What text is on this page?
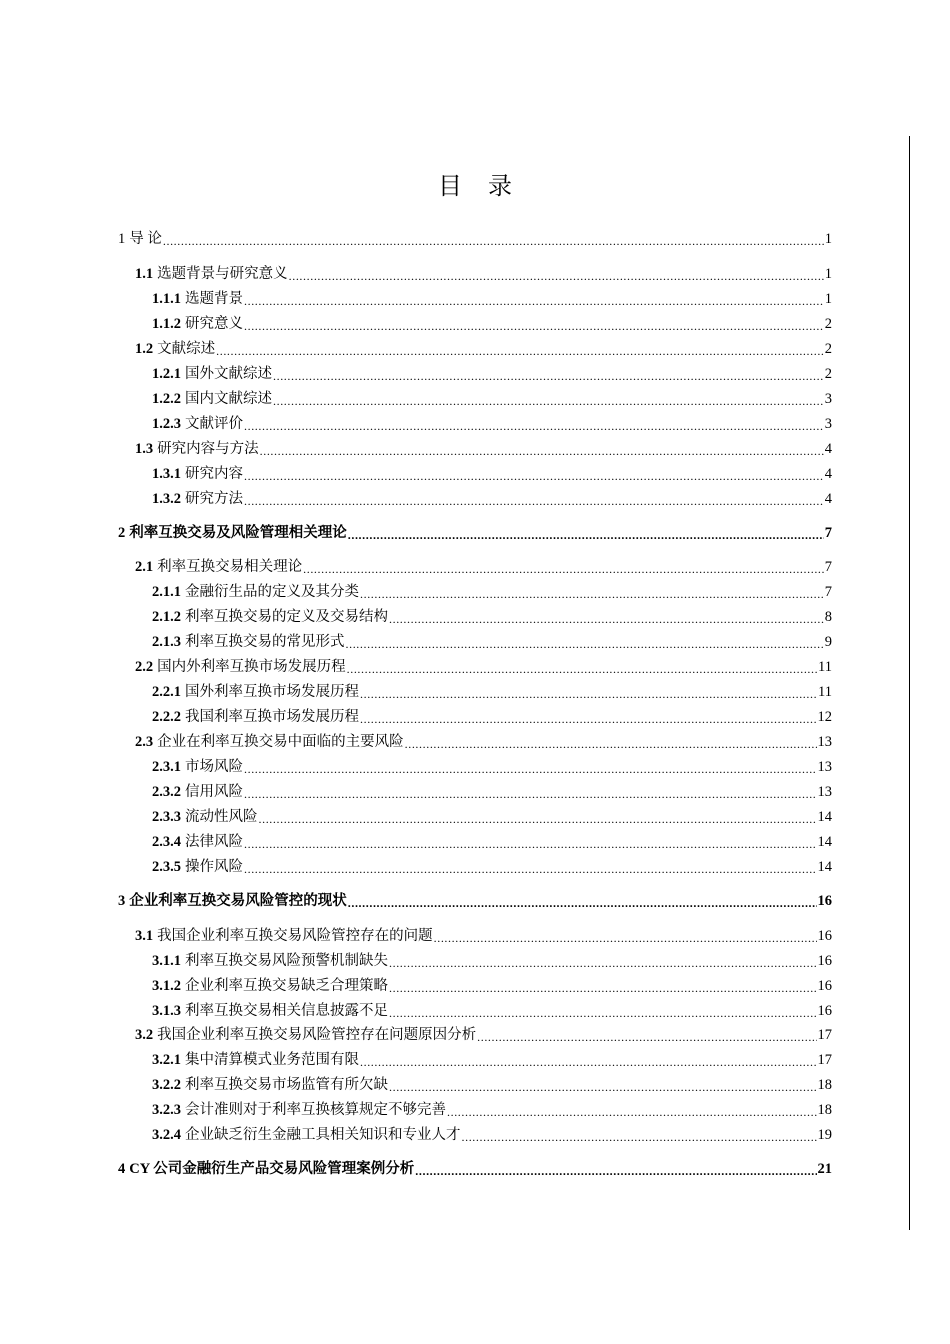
目 录
1 导 论 .....	1
1.1 选题背景与研究意义 .....	1
1.1.1 选题背景 .....	1
1.1.2 研究意义 .....	2
1.2 文献综述 .....	2
1.2.1 国外文献综述 .....	2
1.2.2 国内文献综述 .....	3
1.2.3 文献评价 .....	3
1.3 研究内容与方法 .....	4
1.3.1 研究内容 .....	4
1.3.2 研究方法 .....	4
2 利率互换交易及风险管理相关理论 .....	7
2.1 利率互换交易相关理论 .....	7
2.1.1 金融衍生品的定义及其分类 .....	7
2.1.2 利率互换交易的定义及交易结构 .....	8
2.1.3 利率互换交易的常见形式 .....	9
2.2 国内外利率互换市场发展历程 .....	11
2.2.1 国外利率互换市场发展历程 .....	11
2.2.2 我国利率互换市场发展历程 .....	12
2.3 企业在利率互换交易中面临的主要风险 .....	13
2.3.1 市场风险 .....	13
2.3.2 信用风险 .....	13
2.3.3 流动性风险 .....	14
2.3.4 法律风险 .....	14
2.3.5 操作风险 .....	14
3 企业利率互换交易风险管控的现状 .....	16
3.1 我国企业利率互换交易风险管控存在的问题 .....	16
3.1.1 利率互换交易风险预警机制缺失 .....	16
3.1.2 企业利率互换交易缺乏合理策略 .....	16
3.1.3 利率互换交易相关信息披露不足 .....	16
3.2 我国企业利率互换交易风险管控存在问题原因分析 .....	17
3.2.1 集中清算模式业务范围有限 .....	17
3.2.2 利率互换交易市场监管有所欠缺 .....	18
3.2.3 会计准则对于利率互换核算规定不够完善 .....	18
3.2.4 企业缺乏衍生金融工具相关知识和专业人才 .....	19
4 CY 公司金融衍生产品交易风险管理案例分析 .....	21
